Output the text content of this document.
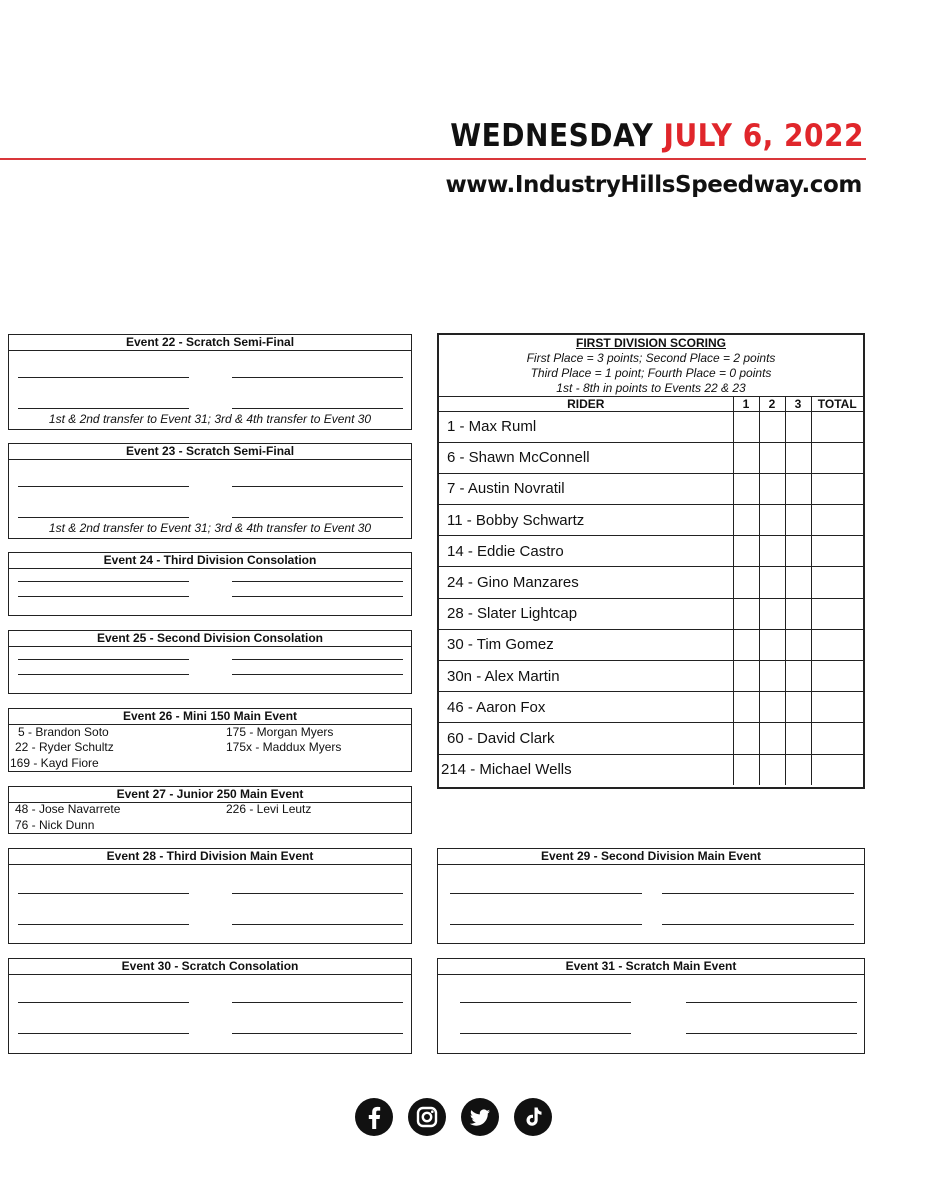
WEDNESDAY JULY 6, 2022
www.IndustryHillsSpeedway.com
Event 22 - Scratch Semi-Final
1st & 2nd transfer to Event 31; 3rd & 4th transfer to Event 30
Event 23 - Scratch Semi-Final
1st & 2nd transfer to Event 31; 3rd & 4th transfer to Event 30
Event 24 - Third Division Consolation
Event 25 - Second Division Consolation
Event 26 - Mini 150 Main Event
5 - Brandon Soto	175 - Morgan Myers
22 - Ryder Schultz	175x - Maddux Myers
169 - Kayd Fiore
Event 27 - Junior 250 Main Event
48 - Jose Navarrete	226 - Levi Leutz
76 - Nick Dunn
Event 28 - Third Division Main Event	Event 29 - Second Division Main Event
Event 30 - Scratch Consolation	Event 31 - Scratch Main Event
FIRST DIVISION SCORING
First Place = 3 points; Second Place = 2 points
Third Place = 1 point; Fourth Place = 0 points
1st - 8th in points to Events 22 & 23
RIDER	1	2	3	TOTAL
1 - Max Ruml				
6 - Shawn McConnell				
7 - Austin Novratil				
11 - Bobby Schwartz				
14 - Eddie Castro				
24 - Gino Manzares				
28 - Slater Lightcap				
30 - Tim Gomez				
30n - Alex Martin				
46 - Aaron Fox				
60 - David Clark				
214 - Michael Wells				
